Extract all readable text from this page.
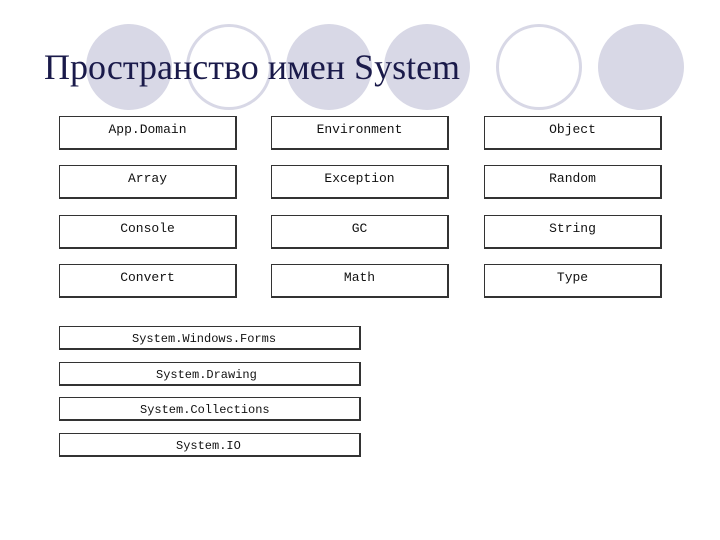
Пространство имен System
App.Domain	Environment	Object
Array	Exception	Random
Console	GC	String
Convert	Math	Type
System.Windows.Forms
System.Drawing
System.Collections
System.IO
